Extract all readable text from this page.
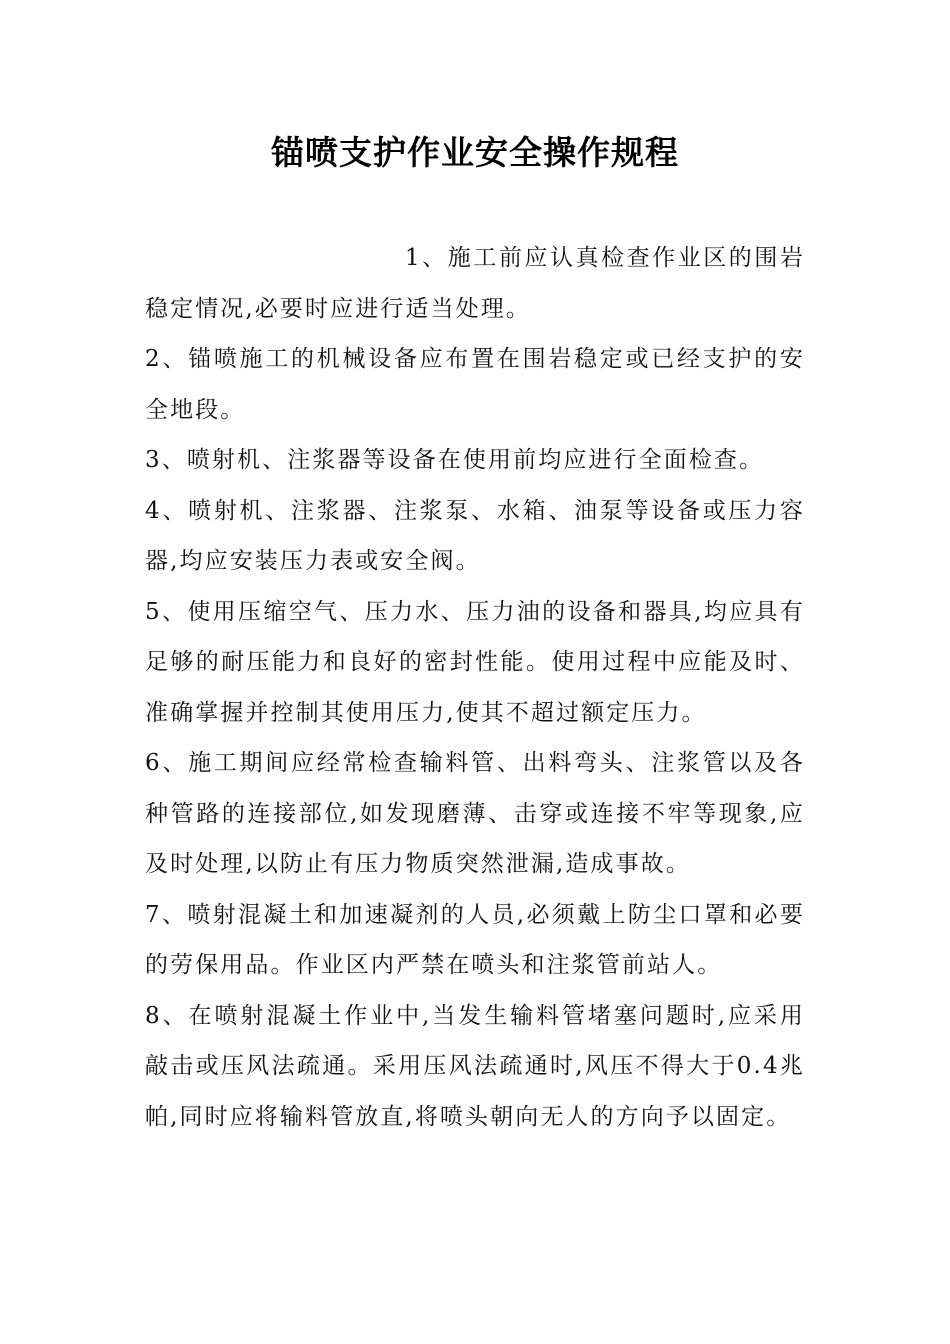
锚喷支护作业安全操作规程

1、施工前应认真检查作业区的围岩稳定情况,必要时应进行适当处理。

2、锚喷施工的机械设备应布置在围岩稳定或已经支护的安全地段。

3、喷射机、注浆器等设备在使用前均应进行全面检查。

4、喷射机、注浆器、注浆泵、水箱、油泵等设备或压力容器,均应安装压力表或安全阀。

5、使用压缩空气、压力水、压力油的设备和器具,均应具有足够的耐压能力和良好的密封性能。使用过程中应能及时、准确掌握并控制其使用压力,使其不超过额定压力。

6、施工期间应经常检查输料管、出料弯头、注浆管以及各种管路的连接部位,如发现磨薄、击穿或连接不牢等现象,应及时处理,以防止有压力物质突然泄漏,造成事故。

7、喷射混凝土和加速凝剂的人员,必须戴上防尘口罩和必要的劳保用品。作业区内严禁在喷头和注浆管前站人。

8、在喷射混凝土作业中,当发生输料管堵塞问题时,应采用敲击或压风法疏通。采用压风法疏通时,风压不得大于0.4兆帕,同时应将输料管放直,将喷头朝向无人的方向予以固定。
